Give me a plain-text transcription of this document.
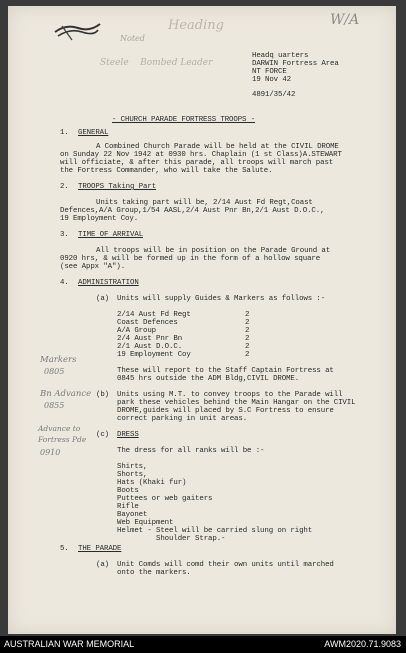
Heading
Noted
Steele    Bombed Leader
W/A
Headq uarters
DARWIN Fortress Area
NT FORCE
19 Nov 42
4891/35/42
- CHURCH PARADE FORTRESS TROOPS -
1. GENERAL
A Combined Church Parade will be held at the CIVIL DROME
on Sunday 22 Nov 1942 at 0930 hrs. Chaplain (1 st Class)A.STEWART
will officiate, & after this parade, all troops will march past
the Fortress Commander, who will take the Salute.
2. TROOPS Taking Part
Units taking part will be, 2/14 Aust Fd Regt,Coast
Defences,A/A Group,1/54 AASL,2/4 Aust Pnr Bn,2/1 Aust D.O.C.,
19 Employment Coy.
3. TIME OF ARRIVAL
All troops will be in position on the Parade Ground at
0920 hrs, & will be formed up in the form of a hollow square
(see Appx "A").
4. ADMINISTRATION
(a) Units will supply Guides & Markers as follows :-
2/14 Aust Fd Regt	2
Coast Defences	2
A/A Group	2
2/4 Aust Pnr Bn	2
2/1 Aust D.O.C.	2
19 Employment Coy	2
These will report to the Staff Captain Fortress at
0845 hrs outside the ADM Bldg,CIVIL DROME.
(b) Units using M.T. to convey troops to the Parade will
park these vehicles behind the Main Hangar on the CIVIL
DROME,guides will placed by S.C Fortress to ensure
correct parking in unit areas.
(c) DRESS
The dress for all ranks will be :-
Shirts,
Shorts,
Hats (Khaki fur)
Boots
Puttees or web gaiters
Rifle
Bayonet
Web Equipment
Helmet - Steel will be carried slung on right
Shoulder Strap.-
5. THE PARADE
(a) Unit Comds will comd their own units until marched
onto the markers.
Markers
0805
Bn Advance
0855
Advance to
Fortress Pde
0910
AUSTRALIAN WAR MEMORIAL	AWM2020.71.9083
